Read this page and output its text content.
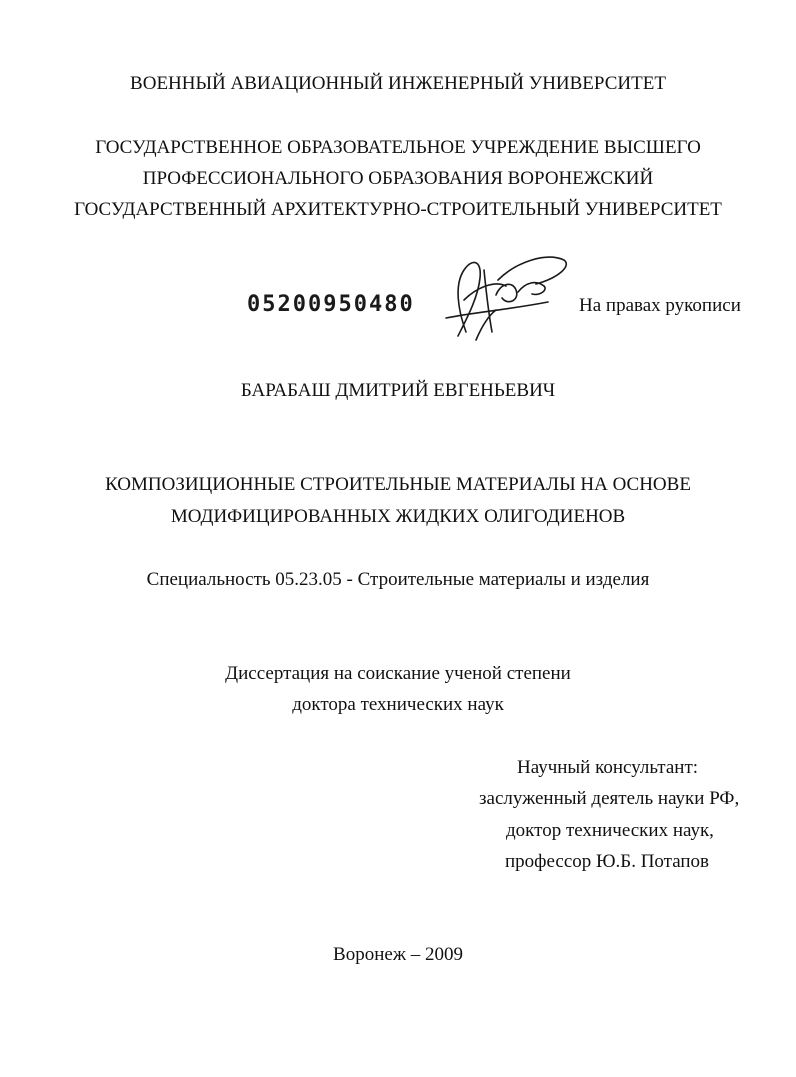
ВОЕННЫЙ АВИАЦИОННЫЙ ИНЖЕНЕРНЫЙ УНИВЕРСИТЕТ
ГОСУДАРСТВЕННОЕ ОБРАЗОВАТЕЛЬНОЕ УЧРЕЖДЕНИЕ ВЫСШЕГО
ПРОФЕССИОНАЛЬНОГО ОБРАЗОВАНИЯ ВОРОНЕЖСКИЙ
ГОСУДАРСТВЕННЫЙ АРХИТЕКТУРНО-СТРОИТЕЛЬНЫЙ УНИВЕРСИТЕТ
05200950480	На правах рукописи
БАРАБАШ ДМИТРИЙ ЕВГЕНЬЕВИЧ
КОМПОЗИЦИОННЫЕ СТРОИТЕЛЬНЫЕ МАТЕРИАЛЫ НА ОСНОВЕ
МОДИФИЦИРОВАННЫХ ЖИДКИХ ОЛИГОДИЕНОВ
Специальность 05.23.05 - Строительные материалы и изделия
Диссертация на соискание ученой степени
доктора технических наук
Научный консультант:
заслуженный деятель науки РФ,
доктор технических наук,
профессор Ю.Б. Потапов
Воронеж – 2009
